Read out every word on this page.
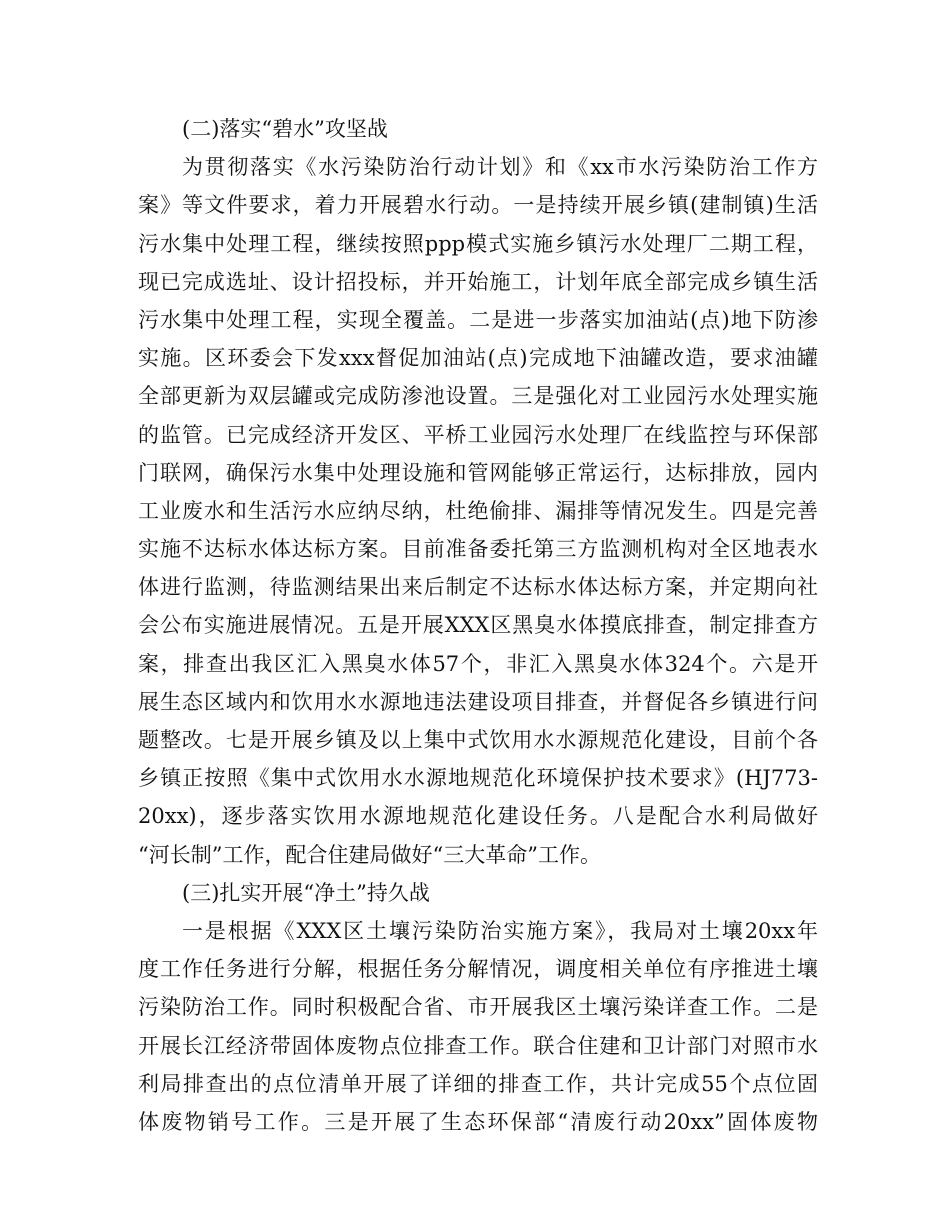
(二)落实“碧水”攻坚战
为贯彻落实《水污染防治行动计划》和《xx市水污染防治工作方
案》等文件要求，着力开展碧水行动。一是持续开展乡镇(建制镇)生活
污水集中处理工程，继续按照ppp模式实施乡镇污水处理厂二期工程，
现已完成选址、设计招投标，并开始施工，计划年底全部完成乡镇生活
污水集中处理工程，实现全覆盖。二是进一步落实加油站(点)地下防渗
实施。区环委会下发xxx督促加油站(点)完成地下油罐改造，要求油罐
全部更新为双层罐或完成防渗池设置。三是强化对工业园污水处理实施
的监管。已完成经济开发区、平桥工业园污水处理厂在线监控与环保部
门联网，确保污水集中处理设施和管网能够正常运行，达标排放，园内
工业废水和生活污水应纳尽纳，杜绝偷排、漏排等情况发生。四是完善
实施不达标水体达标方案。目前准备委托第三方监测机构对全区地表水
体进行监测，待监测结果出来后制定不达标水体达标方案，并定期向社
会公布实施进展情况。五是开展XXX区黑臭水体摸底排查，制定排查方
案，排查出我区汇入黑臭水体57个，非汇入黑臭水体324个。六是开
展生态区域内和饮用水水源地违法建设项目排查，并督促各乡镇进行问
题整改。七是开展乡镇及以上集中式饮用水水源规范化建设，目前个各
乡镇正按照《集中式饮用水水源地规范化环境保护技术要求》(HJ773-
20xx)，逐步落实饮用水源地规范化建设任务。八是配合水利局做好
“河长制”工作，配合住建局做好“三大革命”工作。
(三)扎实开展“净土”持久战
一是根据《XXX区土壤污染防治实施方案》，我局对土壤20xx年
度工作任务进行分解，根据任务分解情况，调度相关单位有序推进土壤
污染防治工作。同时积极配合省、市开展我区土壤污染详查工作。二是
开展长江经济带固体废物点位排查工作。联合住建和卫计部门对照市水
利局排查出的点位清单开展了详细的排查工作，共计完成55个点位固
体废物销号工作。三是开展了生态环保部“清废行动20xx”固体废物
